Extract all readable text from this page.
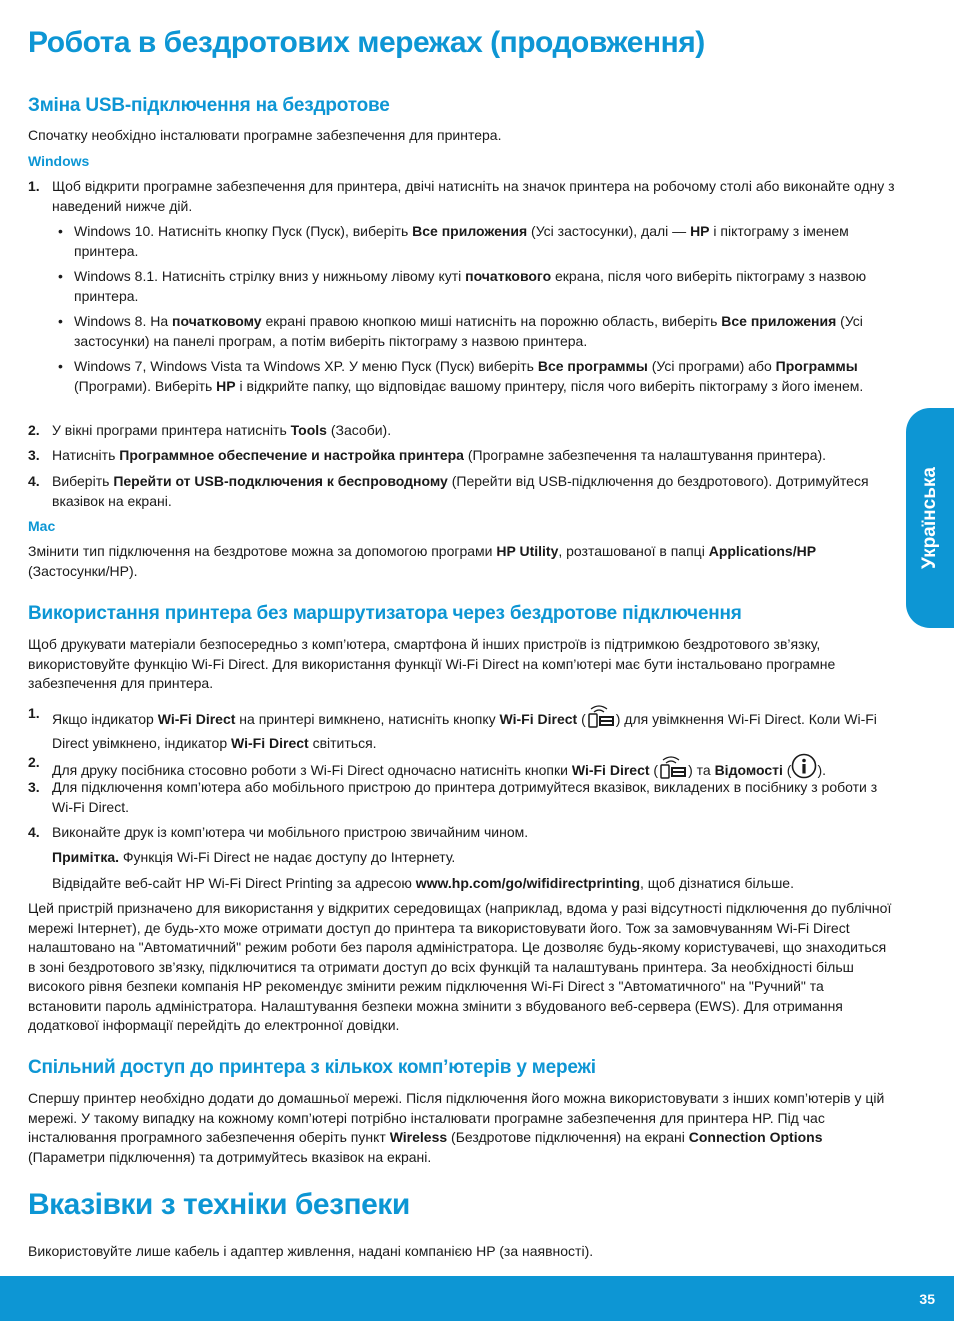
Робота в бездротових мережах (продовження)
Зміна USB-підключення на бездротове

Спочатку необхідно інсталювати програмне забезпечення для принтера.

Windows

1. Щоб відкрити програмне забезпечення для принтера, двічі натисніть на значок принтера на робочому столі або виконайте одну з наведений нижче дій.

• Windows 10. Натисніть кнопку Пуск (Пуск), виберіть Все приложения (Усі застосунки), далі — HP і піктограму з іменем принтера.

• Windows 8.1. Натисніть стрілку вниз у нижньому лівому куті початкового екрана, після чого виберіть піктограму з назвою принтера.

• Windows 8. На початковому екрані правою кнопкою миші натисніть на порожню область, виберіть Все приложения (Усі застосунки) на панелі програм, а потім виберіть піктограму з назвою принтера.

• Windows 7, Windows Vista та Windows XP. У меню Пуск (Пуск) виберіть Все программы (Усі програми) або Программы (Програми). Виберіть HP і відкрийте папку, що відповідає вашому принтеру, після чого виберіть піктограму з його іменем.

2. У вікні програми принтера натисніть Tools (Засоби).

3. Натисніть Программное обеспечение и настройка принтера (Програмне забезпечення та налаштування принтера).

4. Виберіть Перейти от USB-подключения к беспроводному (Перейти від USB-підключення до бездротового). Дотримуйтеся вказівок на екрані.

Mac

Змінити тип підключення на бездротове можна за допомогою програми HP Utility, розташованої в папці Applications/HP (Застосунки/HP).

Використання принтера без маршрутизатора через бездротове підключення

Щоб друкувати матеріали безпосередньо з комп’ютера, смартфона й інших пристроїв із підтримкою бездротового зв’язку, використовуйте функцію Wi-Fi Direct. Для використання функції Wi-Fi Direct на комп’ютері має бути інстальовано програмне забезпечення для принтера.

1. Якщо індикатор Wi-Fi Direct на принтері вимкнено, натисніть кнопку Wi-Fi Direct ( ) для увімкнення Wi-Fi Direct. Коли Wi-Fi Direct увімкнено, індикатор Wi-Fi Direct світиться.

2. Для друку посібника стосовно роботи з Wi-Fi Direct одночасно натисніть кнопки Wi-Fi Direct ( ) та Відомості ( ).

3. Для підключення комп’ютера або мобільного пристрою до принтера дотримуйтеся вказівок, викладених в посібнику з роботи з Wi-Fi Direct.

4. Виконайте друк із комп’ютера чи мобільного пристрою звичайним чином.

Примітка. Функція Wi-Fi Direct не надає доступу до Інтернету.

Відвідайте веб-сайт HP Wi-Fi Direct Printing за адресою www.hp.com/go/wifidirectprinting, щоб дізнатися більше.

Цей пристрій призначено для використання у відкритих середовищах (наприклад, вдома у разі відсутності підключення до публічної мережі Інтернет), де будь-хто може отримати доступ до принтера та використовувати його. Тож за замовчуванням Wi-Fi Direct налаштовано на "Автоматичний" режим роботи без пароля адміністратора. Це дозволяє будь-якому користувачеві, що знаходиться в зоні бездротового зв’язку, підключитися та отримати доступ до всіх функцій та налаштувань принтера. За необхідності більш високого рівня безпеки компанія HP рекомендує змінити режим підключення Wi-Fi Direct з "Автоматичного" на "Ручний" та встановити пароль адміністратора. Налаштування безпеки можна змінити з вбудованого веб-сервера (EWS). Для отримання додаткової інформації перейдіть до електронної довідки.

Спільний доступ до принтера з кількох комп’ютерів у мережі

Спершу принтер необхідно додати до домашньої мережі. Після підключення його можна використовувати з інших комп’ютерів у цій мережі. У такому випадку на кожному комп’ютері потрібно інсталювати програмне забезпечення для принтера HP. Під час інсталювання програмного забезпечення оберіть пункт Wireless (Бездротове підключення) на екрані Connection Options (Параметри підключення) та дотримуйтесь вказівок на екрані.

Вказівки з техніки безпеки

Використовуйте лише кабель і адаптер живлення, надані компанією HP (за наявності).

Українська
35
